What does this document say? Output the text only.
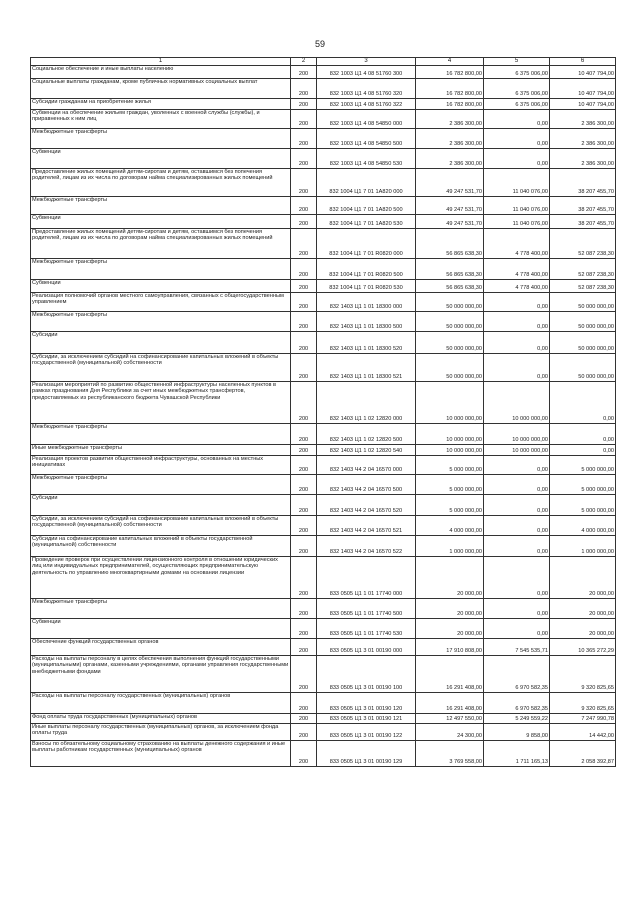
59
1	2	3	4	5	6
Социальное обеспечение и иные выплаты населению	200	832 1003 Ц1 4 08 51760 300	16 782 800,00	6 375 006,00	10 407 794,00
Социальные выплаты гражданам, кроме публичных нормативных социальных выплат	200	832 1003 Ц1 4 08 51760 320	16 782 800,00	6 375 006,00	10 407 794,00
Субсидии гражданам на приобретение жилья	200	832 1003 Ц1 4 08 51760 322	16 782 800,00	6 375 006,00	10 407 794,00
Субвенции на обеспечение жильем граждан, уволенных с военной службы (службы), и приравненных к ним лиц	200	832 1003 Ц1 4 08 54850 000	2 386 300,00	0,00	2 386 300,00
Межбюджетные трансферты	200	832 1003 Ц1 4 08 54850 500	2 386 300,00	0,00	2 386 300,00
Субвенции	200	832 1003 Ц1 4 08 54850 530	2 386 300,00	0,00	2 386 300,00
Предоставление жилых помещений детям-сиротам и детям, оставшимся без попечения родителей, лицам из их числа по договорам найма специализированных жилых помещений	200	832 1004 Ц1 7 01 1А820 000	49 247 531,70	11 040 076,00	38 207 455,70
Межбюджетные трансферты	200	832 1004 Ц1 7 01 1А820 500	49 247 531,70	11 040 076,00	38 207 455,70
Субвенции	200	832 1004 Ц1 7 01 1А820 530	49 247 531,70	11 040 076,00	38 207 455,70
Предоставление жилых помещений детям-сиротам и детям, оставшимся без попечения родителей, лицам из их числа по договорам найма специализированных жилых помещений	200	832 1004 Ц1 7 01 R0820 000	56 865 638,30	4 778 400,00	52 087 238,30
Межбюджетные трансферты	200	832 1004 Ц1 7 01 R0820 500	56 865 638,30	4 778 400,00	52 087 238,30
Субвенции	200	832 1004 Ц1 7 01 R0820 530	56 865 638,30	4 778 400,00	52 087 238,30
Реализация полномочий органов местного самоуправления, связанных с общегосударственным управлением	200	832 1403 Ц1 1 01 18300 000	50 000 000,00	0,00	50 000 000,00
Межбюджетные трансферты	200	832 1403 Ц1 1 01 18300 500	50 000 000,00	0,00	50 000 000,00
Субсидии	200	832 1403 Ц1 1 01 18300 520	50 000 000,00	0,00	50 000 000,00
Субсидии, за исключением субсидий на софинансирование капитальных вложений в объекты государственной (муниципальной) собственности	200	832 1403 Ц1 1 01 18300 521	50 000 000,00	0,00	50 000 000,00
Реализация мероприятий по развитию общественной инфраструктуры населенных пунктов в рамках празднования Дня Республики за счет иных межбюджетных трансфертов, предоставляемых из республиканского бюджета Чувашской Республики	200	832 1403 Ц1 1 02 12820 000	10 000 000,00	10 000 000,00	0,00
Межбюджетные трансферты	200	832 1403 Ц1 1 02 12820 500	10 000 000,00	10 000 000,00	0,00
Иные межбюджетные трансферты	200	832 1403 Ц1 1 02 12820 540	10 000 000,00	10 000 000,00	0,00
Реализация проектов развития общественной инфраструктуры, основанных на местных инициативах	200	832 1403 Ч4 2 04 16570 000	5 000 000,00	0,00	5 000 000,00
Межбюджетные трансферты	200	832 1403 Ч4 2 04 16570 500	5 000 000,00	0,00	5 000 000,00
Субсидии	200	832 1403 Ч4 2 04 16570 520	5 000 000,00	0,00	5 000 000,00
Субсидии, за исключением субсидий на софинансирование капитальных вложений в объекты государственной (муниципальной) собственности	200	832 1403 Ч4 2 04 16570 521	4 000 000,00	0,00	4 000 000,00
Субсидии на софинансирование капитальных вложений в объекты государственной (муниципальной) собственности	200	832 1403 Ч4 2 04 16570 522	1 000 000,00	0,00	1 000 000,00
Проведение проверок при осуществлении лицензионного контроля в отношении юридических лиц или индивидуальных предпринимателей, осуществляющих предпринимательскую деятельность по управлению многоквартирными домами на основании лицензии	200	833 0505 Ц1 1 01 17740 000	20 000,00	0,00	20 000,00
Межбюджетные трансферты	200	833 0505 Ц1 1 01 17740 500	20 000,00	0,00	20 000,00
Субвенции	200	833 0505 Ц1 1 01 17740 530	20 000,00	0,00	20 000,00
Обеспечение функций государственных органов	200	833 0505 Ц1 3 01 00190 000	17 910 808,00	7 545 535,71	10 365 272,29
Расходы на выплаты персоналу в целях обеспечения выполнения функций государственными (муниципальными) органами, казенными учреждениями, органами управления государственными внебюджетными фондами	200	833 0505 Ц1 3 01 00190 100	16 291 408,00	6 970 582,35	9 320 825,65
Расходы на выплаты персоналу государственных (муниципальных) органов	200	833 0505 Ц1 3 01 00190 120	16 291 408,00	6 970 582,35	9 320 825,65
Фонд оплаты труда государственных (муниципальных) органов	200	833 0505 Ц1 3 01 00190 121	12 497 550,00	5 249 559,22	7 247 990,78
Иные выплаты персоналу государственных (муниципальных) органов, за исключением фонда оплаты труда	200	833 0505 Ц1 3 01 00190 122	24 300,00	9 858,00	14 442,00
Взносы по обязательному социальному страхованию на выплаты денежного содержания и иные выплаты работникам государственных (муниципальных) органов	200	833 0505 Ц1 3 01 00190 129	3 769 558,00	1 711 165,13	2 058 392,87
